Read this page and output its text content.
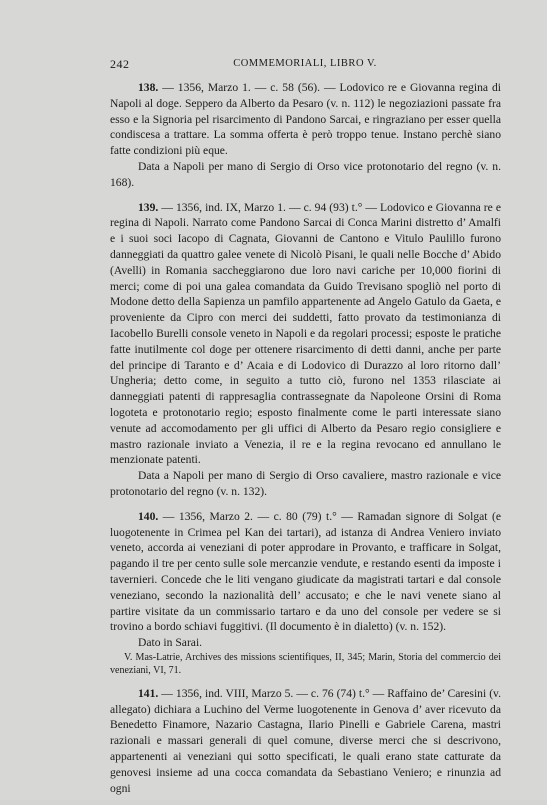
242	COMMEMORIALI, LIBRO V.

138. — 1356, Marzo 1. — c. 58 (56). — Lodovico re e Giovanna regina di Napoli al doge. Seppero da Alberto da Pesaro (v. n. 112) le negoziazioni passate fra esso e la Signoria pel risarcimento di Pandono Sarcai, e ringraziano per esser quella condiscesa a trattare. La somma offerta è però troppo tenue. Instano perchè siano fatte condizioni più eque.

Data a Napoli per mano di Sergio di Orso vice protonotario del regno (v. n. 168).

139. — 1356, ind. IX, Marzo 1. — c. 94 (93) t.° — Lodovico e Giovanna re e regina di Napoli. Narrato come Pandono Sarcai di Conca Marini distretto d’ Amalfi e i suoi soci Iacopo di Cagnata, Giovanni de Cantono e Vitulo Paulillo furono danneggiati da quattro galee venete di Nicolò Pisani, le quali nelle Bocche d’ Abido (Avelli) in Romania saccheggiarono due loro navi cariche per 10,000 fiorini di merci; come di poi una galea comandata da Guido Trevisano spogliò nel porto di Modone detto della Sapienza un pamfilo appartenente ad Angelo Gatulo da Gaeta, e proveniente da Cipro con merci dei suddetti, fatto provato da testimonianza di Iacobello Burelli console veneto in Napoli e da regolari processi; esposte le pratiche fatte inutilmente col doge per ottenere risarcimento di detti danni, anche per parte del principe di Taranto e d’ Acaia e di Lodovico di Durazzo al loro ritorno dall’ Ungheria; detto come, in seguito a tutto ciò, furono nel 1353 rilasciate ai danneggiati patenti di rappresaglia contrassegnate da Napoleone Orsini di Roma logoteta e protonotario regio; esposto finalmente come le parti interessate siano venute ad accomodamento per gli uffici di Alberto da Pesaro regio consigliere e mastro razionale inviato a Venezia, il re e la regina revocano ed annullano le menzionate patenti.

Data a Napoli per mano di Sergio di Orso cavaliere, mastro razionale e vice protonotario del regno (v. n. 132).

140. — 1356, Marzo 2. — c. 80 (79) t.° — Ramadan signore di Solgat (e luogotenente in Crimea pel Kan dei tartari), ad istanza di Andrea Veniero inviato veneto, accorda ai veneziani di poter approdare in Provanto, e trafficare in Solgat, pagando il tre per cento sulle sole mercanzie vendute, e restando esenti da imposte i tavernieri. Concede che le liti vengano giudicate da magistrati tartari e dal console veneziano, secondo la nazionalità dell’ accusato; e che le navi venete siano al partire visitate da un commissario tartaro e da uno del console per vedere se si trovino a bordo schiavi fuggitivi. (Il documento è in dialetto) (v. n. 152).

Dato in Sarai.

V. Mas-Latrie, Archives des missions scientifiques, II, 345; Marin, Storia del commercio dei veneziani, VI, 71.

141. — 1356, ind. VIII, Marzo 5. — c. 76 (74) t.° — Raffaino de’ Caresini (v. allegato) dichiara a Luchino del Verme luogotenente in Genova d’ aver ricevuto da Benedetto Finamore, Nazario Castagna, Ilario Pinelli e Gabriele Carena, mastri razionali e massari generali di quel comune, diverse merci che si descrivono, appartenenti ai veneziani qui sotto specificati, le quali erano state catturate da genovesi insieme ad una cocca comandata da Sebastiano Veniero; e rinunzia ad ogni
